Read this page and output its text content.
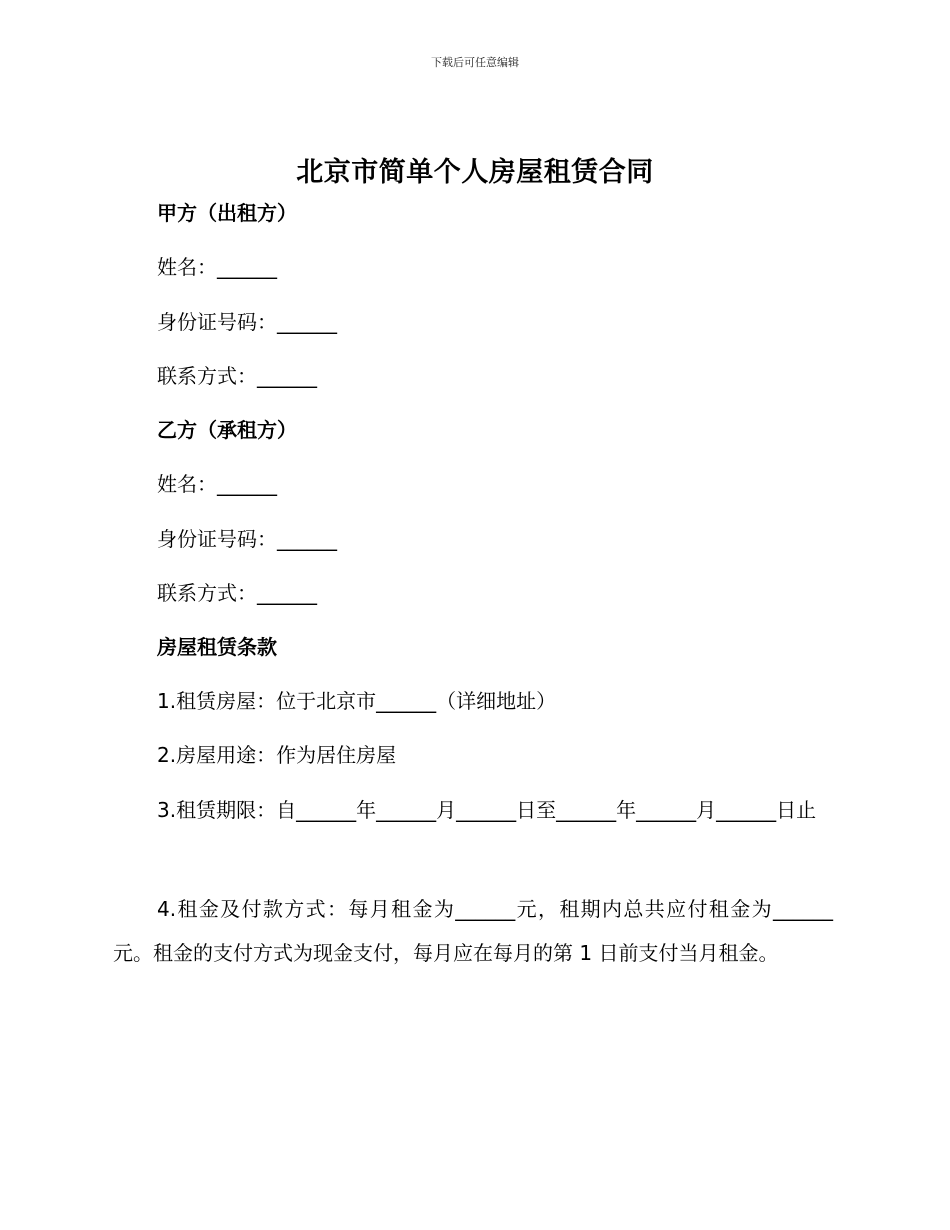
下载后可任意编辑
北京市简单个人房屋租赁合同
甲方（出租方）
姓名：______
身份证号码：______
联系方式：______
乙方（承租方）
姓名：______
身份证号码：______
联系方式：______
房屋租赁条款
1.租赁房屋：位于北京市______（详细地址）
2.房屋用途：作为居住房屋
3.租赁期限：自______年______月______日至______年______月______日止
4.租金及付款方式：每月租金为______元，租期内总共应付租金为______元。租金的支付方式为现金支付，每月应在每月的第 1 日前支付当月租金。
